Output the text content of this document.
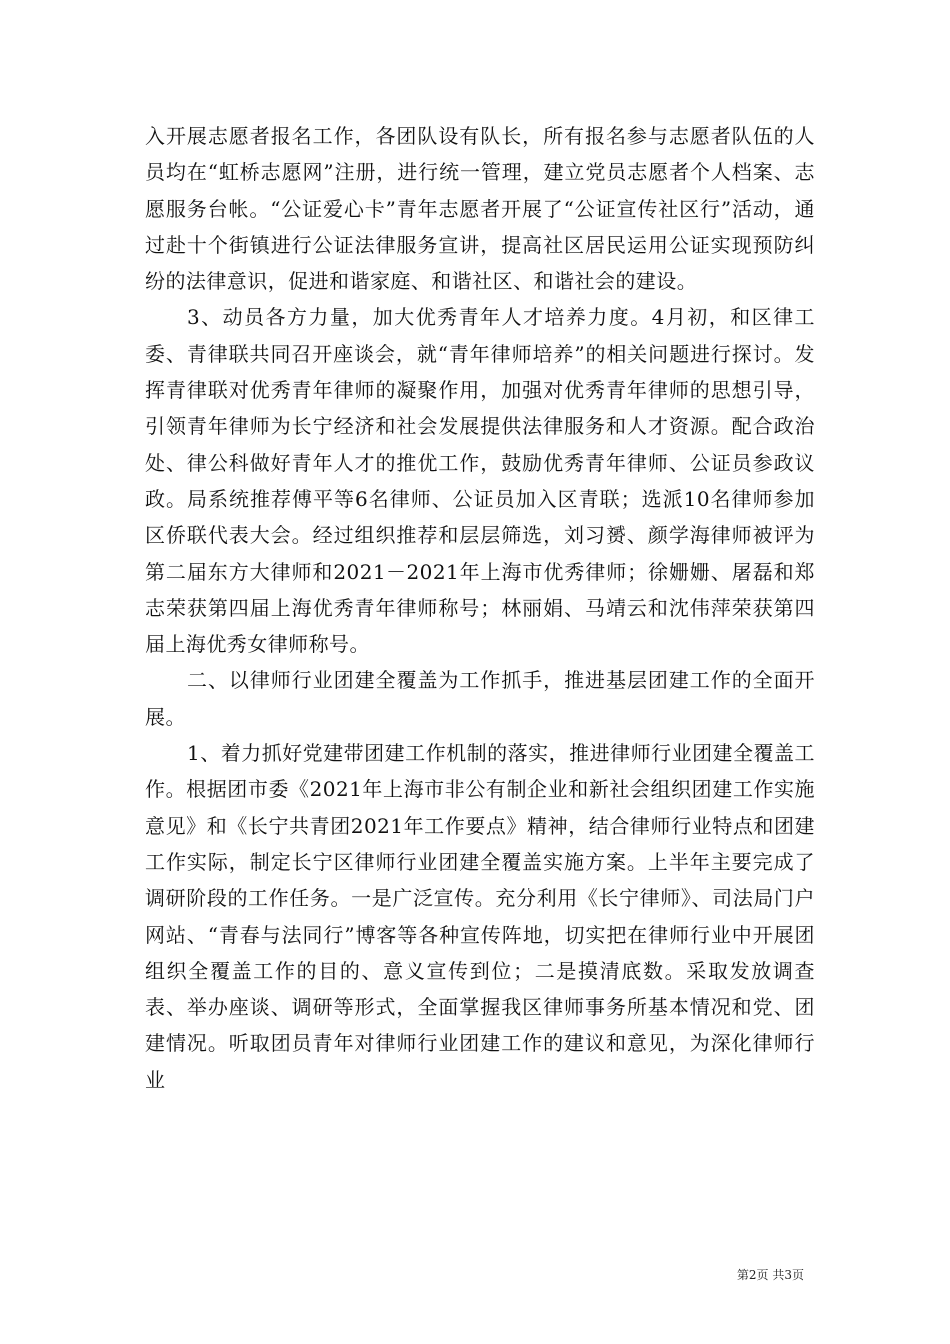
入开展志愿者报名工作，各团队设有队长，所有报名参与志愿者队伍的人员均在“虹桥志愿网”注册，进行统一管理，建立党员志愿者个人档案、志愿服务台帐。“公证爱心卡”青年志愿者开展了“公证宣传社区行”活动，通过赴十个街镇进行公证法律服务宣讲，提高社区居民运用公证实现预防纠纷的法律意识，促进和谐家庭、和谐社区、和谐社会的建设。

3、动员各方力量，加大优秀青年人才培养力度。4月初，和区律工委、青律联共同召开座谈会，就“青年律师培养”的相关问题进行探讨。发挥青律联对优秀青年律师的凝聚作用，加强对优秀青年律师的思想引导，引领青年律师为长宁经济和社会发展提供法律服务和人才资源。配合政治处、律公科做好青年人才的推优工作，鼓励优秀青年律师、公证员参政议政。局系统推荐傅平等6名律师、公证员加入区青联；选派10名律师参加区侨联代表大会。经过组织推荐和层层筛选，刘习赟、颜学海律师被评为第二届东方大律师和2021－2021年上海市优秀律师；徐姗姗、屠磊和郑志荣获第四届上海优秀青年律师称号；林丽娟、马靖云和沈伟萍荣获第四届上海优秀女律师称号。

二、以律师行业团建全覆盖为工作抓手，推进基层团建工作的全面开展。

1、着力抓好党建带团建工作机制的落实，推进律师行业团建全覆盖工作。根据团市委《2021年上海市非公有制企业和新社会组织团建工作实施意见》和《长宁共青团2021年工作要点》精神，结合律师行业特点和团建工作实际，制定长宁区律师行业团建全覆盖实施方案。上半年主要完成了调研阶段的工作任务。一是广泛宣传。充分利用《长宁律师》、司法局门户网站、“青春与法同行”博客等各种宣传阵地，切实把在律师行业中开展团组织全覆盖工作的目的、意义宣传到位；二是摸清底数。采取发放调查表、举办座谈、调研等形式，全面掌握我区律师事务所基本情况和党、团建情况。听取团员青年对律师行业团建工作的建议和意见，为深化律师行业

第2页 共3页
